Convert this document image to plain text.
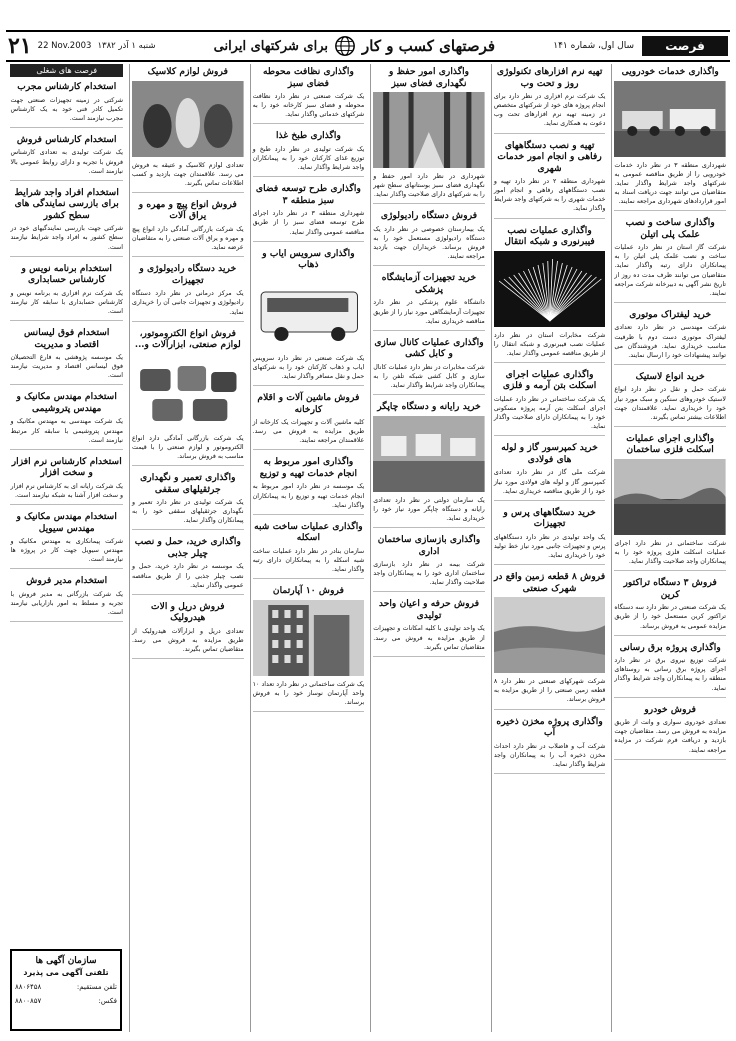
فرصت
سال اول، شماره ۱۴۱
فرصتهای کسب و کار
برای شرکتهای ایرانی
۲۱ 22 Nov.2003 شنبه ۱ آذر ۱۳۸۲
واگذاری خدمات خودرویی

شهرداری منطقه ۳ در نظر دارد خدمات خودرویی را از طریق مناقصه عمومی به شرکتهای واجد شرایط واگذار نماید. متقاضیان می توانند جهت دریافت اسناد به امور قراردادهای شهرداری مراجعه نمایند.

واگذاری ساخت و نصب علمک پلی اتیلن

شرکت گاز استان در نظر دارد عملیات ساخت و نصب علمک پلی اتیلن را به پیمانکاران دارای رتبه واگذار نماید. متقاضیان می توانند ظرف مدت ده روز از تاریخ نشر آگهی به دبیرخانه شرکت مراجعه نمایند.

خرید لیفتراک موتوری

شرکت مهندسی در نظر دارد تعدادی لیفتراک موتوری دست دوم با ظرفیت مناسب خریداری نماید. فروشندگان می توانند پیشنهادات خود را ارسال نمایند.

خرید انواع لاستیک

شرکت حمل و نقل در نظر دارد انواع لاستیک خودروهای سنگین و سبک مورد نیاز خود را خریداری نماید. علاقمندان جهت اطلاعات بیشتر تماس بگیرند.

واگذاری اجرای عملیات اسکلت فلزی ساختمان

شرکت ساختمانی در نظر دارد اجرای عملیات اسکلت فلزی پروژه خود را به پیمانکاران واجد صلاحیت واگذار نماید.

فروش ۳ دستگاه تراکتور کرین

یک شرکت صنعتی در نظر دارد سه دستگاه تراکتور کرین مستعمل خود را از طریق مزایده عمومی به فروش برساند.

واگذاری پروژه برق رسانی

شرکت توزیع نیروی برق در نظر دارد اجرای پروژه برق رسانی به روستاهای منطقه را به پیمانکاران واجد شرایط واگذار نماید.

فروش خودرو

تعدادی خودروی سواری و وانت از طریق مزایده به فروش می رسد. متقاضیان جهت بازدید و دریافت فرم شرکت در مزایده مراجعه نمایند.

تهیه نرم افزارهای تکنولوژی روز و تحت وب

یک شرکت نرم افزاری در نظر دارد برای انجام پروژه های خود از شرکتهای متخصص در زمینه تهیه نرم افزارهای تحت وب دعوت به همکاری نماید.

تهیه و نصب دستگاههای رفاهی و انجام امور خدمات شهری

شهرداری منطقه ۲ در نظر دارد تهیه و نصب دستگاههای رفاهی و انجام امور خدمات شهری را به شرکتهای واجد شرایط واگذار نماید.

واگذاری عملیات نصب فیبرنوری و شبکه انتقال

شرکت مخابرات استان در نظر دارد عملیات نصب فیبرنوری و شبکه انتقال را از طریق مناقصه عمومی واگذار نماید.

واگذاری عملیات اجرای اسکلت بتن آرمه و فلزی

یک شرکت ساختمانی در نظر دارد عملیات اجرای اسکلت بتن آرمه پروژه مسکونی خود را به پیمانکاران دارای صلاحیت واگذار نماید.

خرید کمپرسور گاز و لوله های فولادی

شرکت ملی گاز در نظر دارد تعدادی کمپرسور گاز و لوله های فولادی مورد نیاز خود را از طریق مناقصه خریداری نماید.

خرید دستگاههای پرس و تجهیزات

یک واحد تولیدی در نظر دارد دستگاههای پرس و تجهیزات جانبی مورد نیاز خط تولید خود را خریداری نماید.

فروش ۸ قطعه زمین واقع در شهرک صنعتی

شرکت شهرکهای صنعتی در نظر دارد ۸ قطعه زمین صنعتی را از طریق مزایده به فروش برساند.

واگذاری پروژه مخزن ذخیره آب

شرکت آب و فاضلاب در نظر دارد احداث مخزن ذخیره آب را به پیمانکاران واجد شرایط واگذار نماید.

واگذاری امور حفظ و نگهداری فضای سبز

شهرداری در نظر دارد امور حفظ و نگهداری فضای سبز بوستانهای سطح شهر را به شرکتهای دارای صلاحیت واگذار نماید.

فروش دستگاه رادیولوژی

یک بیمارستان خصوصی در نظر دارد یک دستگاه رادیولوژی مستعمل خود را به فروش برساند. خریداران جهت بازدید مراجعه نمایند.

خرید تجهیزات آزمایشگاه پزشکی

دانشگاه علوم پزشکی در نظر دارد تجهیزات آزمایشگاهی مورد نیاز را از طریق مناقصه خریداری نماید.

واگذاری عملیات کانال سازی و کابل کشی

شرکت مخابرات در نظر دارد عملیات کانال سازی و کابل کشی شبکه تلفن را به پیمانکاران واجد شرایط واگذار نماید.

خرید رایانه و دستگاه چاپگر

یک سازمان دولتی در نظر دارد تعدادی رایانه و دستگاه چاپگر مورد نیاز خود را خریداری نماید.

واگذاری بازسازی ساختمان اداری

شرکت بیمه در نظر دارد بازسازی ساختمان اداری خود را به پیمانکاران واجد صلاحیت واگذار نماید.

فروش حرفه و اعیان واحد تولیدی

یک واحد تولیدی با کلیه امکانات و تجهیزات از طریق مزایده به فروش می رسد. متقاضیان تماس بگیرند.

واگذاری نظافت محوطه فضای سبز

یک شرکت صنعتی در نظر دارد نظافت محوطه و فضای سبز کارخانه خود را به شرکتهای خدماتی واگذار نماید.

واگذاری طبخ غذا

یک شرکت تولیدی در نظر دارد طبخ و توزیع غذای کارکنان خود را به پیمانکاران واجد شرایط واگذار نماید.

واگذاری طرح توسعه فضای سبز منطقه ۳

شهرداری منطقه ۳ در نظر دارد اجرای طرح توسعه فضای سبز را از طریق مناقصه عمومی واگذار نماید.

واگذاری سرویس ایاب و ذهاب

یک شرکت صنعتی در نظر دارد سرویس ایاب و ذهاب کارکنان خود را به شرکتهای حمل و نقل مسافر واگذار نماید.

فروش ماشین آلات و اقلام کارخانه

کلیه ماشین آلات و تجهیزات یک کارخانه از طریق مزایده به فروش می رسد. علاقمندان مراجعه نمایند.

واگذاری امور مربوط به انجام خدمات تهیه و توزیع

یک موسسه در نظر دارد امور مربوط به انجام خدمات تهیه و توزیع را به پیمانکاران واگذار نماید.

واگذاری عملیات ساخت شبه اسکله

سازمان بنادر در نظر دارد عملیات ساخت شبه اسکله را به پیمانکاران دارای رتبه واگذار نماید.

فروش ۱۰ آپارتمان

یک شرکت ساختمانی در نظر دارد تعداد ۱۰ واحد آپارتمان نوساز خود را به فروش برساند.

فروش لوازم کلاسیک

تعدادی لوازم کلاسیک و عتیقه به فروش می رسد. علاقمندان جهت بازدید و کسب اطلاعات تماس بگیرند.

فروش انواع پیچ و مهره و یراق آلات

یک شرکت بازرگانی آمادگی دارد انواع پیچ و مهره و یراق آلات صنعتی را به متقاضیان عرضه نماید.

خرید دستگاه رادیولوژی و تجهیزات

یک مرکز درمانی در نظر دارد دستگاه رادیولوژی و تجهیزات جانبی آن را خریداری نماید.

فروش انواع الکتروموتور، لوازم صنعتی، ابزارآلات و...

یک شرکت بازرگانی آمادگی دارد انواع الکتروموتور و لوازم صنعتی را با قیمت مناسب به فروش برساند.

واگذاری تعمیر و نگهداری جرثقیلهای سقفی

یک شرکت تولیدی در نظر دارد تعمیر و نگهداری جرثقیلهای سقفی خود را به پیمانکاران واگذار نماید.

واگذاری خرید، حمل و نصب چیلر جذبی

یک موسسه در نظر دارد خرید، حمل و نصب چیلر جذبی را از طریق مناقصه عمومی واگذار نماید.

فروش دریل و الات هیدرولیک

تعدادی دریل و ابزارآلات هیدرولیک از طریق مزایده به فروش می رسد. متقاضیان تماس بگیرند.

فرصت های شغلی
استخدام کارشناس مجرب

شرکتی در زمینه تجهیزات صنعتی جهت تکمیل کادر فنی خود به یک کارشناس مجرب نیازمند است.

استخدام کارشناس فروش

یک شرکت تولیدی به تعدادی کارشناس فروش با تجربه و دارای روابط عمومی بالا نیازمند است.

استخدام افراد واجد شرایط برای بازرسی نمایندگی های سطح کشور

شرکتی جهت بازرسی نمایندگیهای خود در سطح کشور به افراد واجد شرایط نیازمند است.

استخدام برنامه نویس و کارشناس حسابداری

یک شرکت نرم افزاری به برنامه نویس و کارشناس حسابداری با سابقه کار نیازمند است.

استخدام فوق لیسانس اقتصاد و مدیریت

یک موسسه پژوهشی به فارغ التحصیلان فوق لیسانس اقتصاد و مدیریت نیازمند است.

استخدام مهندس مکانیک و مهندس پتروشیمی

یک شرکت مهندسی به مهندس مکانیک و مهندس پتروشیمی با سابقه کار مرتبط نیازمند است.

استخدام کارشناس نرم افزار و سخت افزار

یک شرکت رایانه ای به کارشناس نرم افزار و سخت افزار آشنا به شبکه نیازمند است.

استخدام مهندس مکانیک و مهندس سیویل

شرکت پیمانکاری به مهندس مکانیک و مهندس سیویل جهت کار در پروژه ها نیازمند است.

استخدام مدیر فروش

یک شرکت بازرگانی به مدیر فروش با تجربه و مسلط به امور بازاریابی نیازمند است.

سازمان آگهی ها
تلفنی آگهی می پذیرد
تلفن مستقیم:
۸۸۰۶۴۵۸
فکس:
۸۸۰۰۸۵۷
